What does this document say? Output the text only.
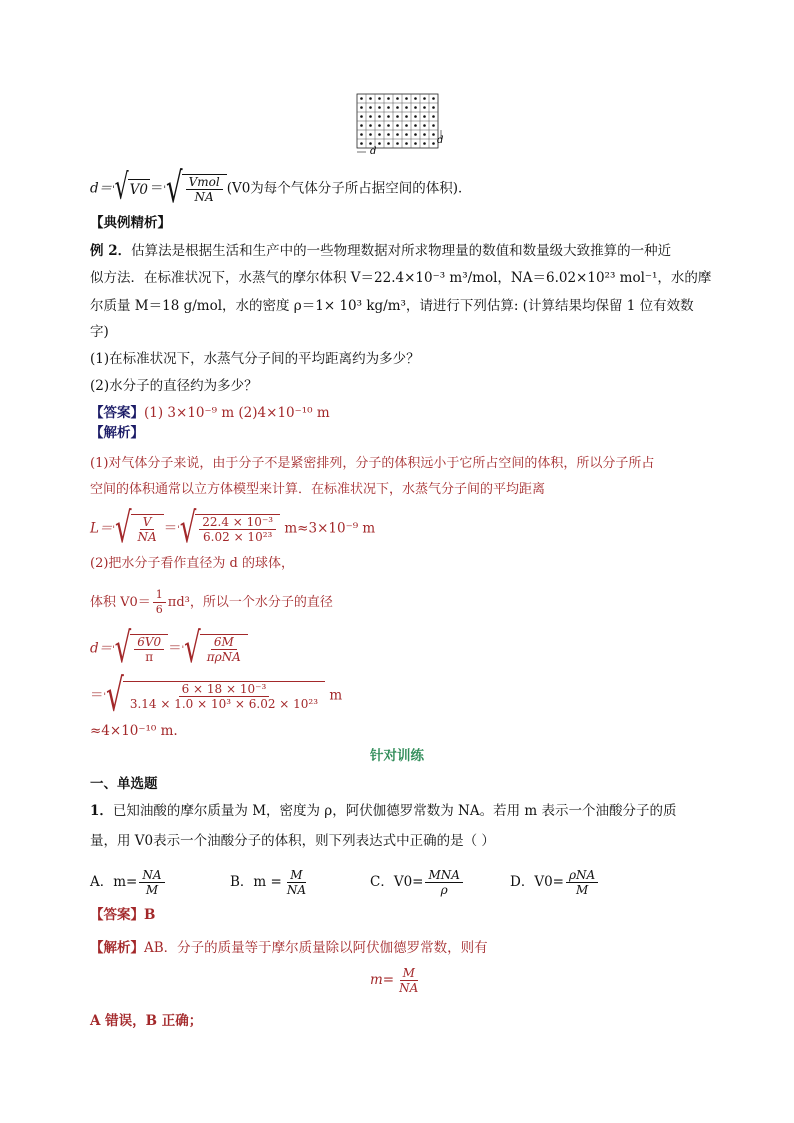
d
d
d＝' √ V0 ＝' √ $\frac{\text{Vmol}}{NA} (V0$为每个气体分子所占据空间的体积)．
【典例精析】
例 2．估算法是根据生活和生产中的一些物理数据对所求物理量的数值和数量级大致推算的一种近
似方法．在标准状况下，水蒸气的摩尔体积 V＝22.4×10⁻³ m³/mol，NA＝6.02×10²³ mol⁻¹，水的摩
尔质量 M＝18 g/mol，水的密度 ρ＝1× 10³ kg/m³，请进行下列估算: (计算结果均保留 1 位有效数
字)
(1)在标准状况下，水蒸气分子间的平均距离约为多少？
(2)水分子的直径约为多少？
【答案】(1) 3×10⁻⁹ m (2)4×10⁻¹⁰ m
【解析】
(1)对气体分子来说，由于分子不是紧密排列，分子的体积远小于它所占空间的体积，所以分子所占
空间的体积通常以立方体模型来计算．在标准状况下，水蒸气分子间的平均距离
L＝' √ $\frac{V}{NA}$ ＝' √ $\frac{\text{22.4 × 10⁻³}}{\text{6.02 × 10²³}} m\approx 3\times 10^{-9}$ m
(2)把水分子看作直径为 d 的球体，
体积 $V0= \frac{1}{6} \pi d^3$，所以一个水分子的直径
d＝' √ $\frac{6V0}{\pi}$ ＝' √ $\frac{6M}{\text{πρNA}}$
＝' √ $\frac{\text{6 × 18 × 10⁻³}}{\text{3.14 × 1.0 × 10³ × 6.02 × 10²³}}$ m
≈4×10⁻¹⁰ m.
针对训练
一、单选题
1．已知油酸的摩尔质量为 M，密度为 ρ，阿伏伽德罗常数为 NA。若用 m 表示一个油酸分子的质
量，用 V0表示一个油酸分子的体积，则下列表达式中正确的是（ ）
A．$m= \frac{NA}{M}$	B．$m = \frac{M}{NA}$	C．$V0= \frac{\text{MNA}}{\rho}$	D．$V0= \frac{\text{ρNA}}{M}$
【答案】B
【解析】AB．分子的质量等于摩尔质量除以阿伏伽德罗常数，则有
$m= \frac{M}{NA}$
A 错误，B 正确；
